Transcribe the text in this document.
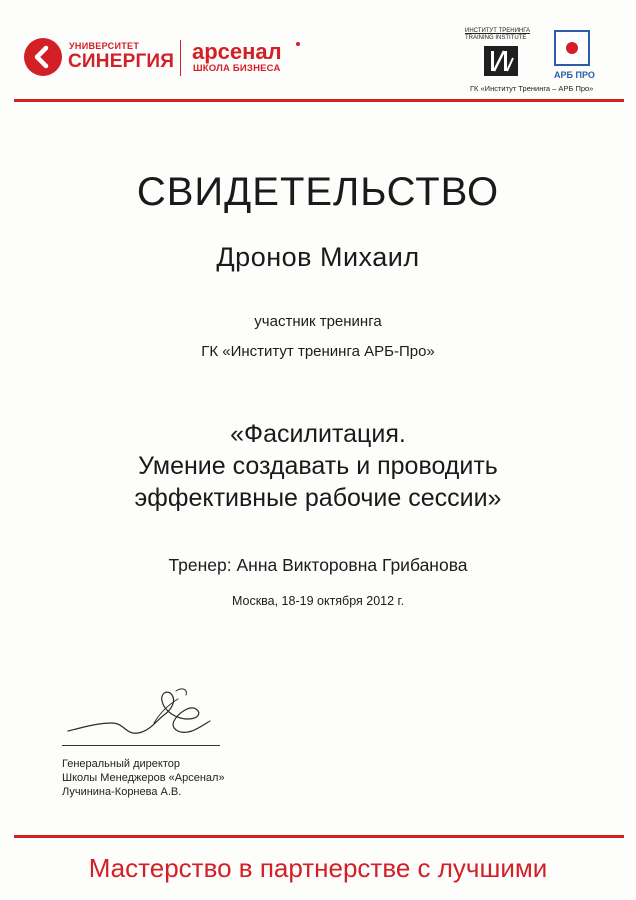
УНИВЕРСИТЕТ
СИНЕРГИЯ арсенал
ШКОЛА БИЗНЕСА
ИНСТИТУТ ТРЕНИНГА
TRAINING INSTITUTE
АРБ ПРО
ГК «Институт Тренинга – АРБ Про»
СВИДЕТЕЛЬСТВО
Дронов Михаил
участник тренинга
ГК «Институт тренинга АРБ-Про»
«Фасилитация.
Умение создавать и проводить
эффективные рабочие сессии»
Тренер: Анна Викторовна Грибанова
Москва, 18-19 октября 2012 г.
Генеральный директор
Школы Менеджеров «Арсенал»
Лучинина-Корнева А.В.
Мастерство в партнерстве с лучшими
